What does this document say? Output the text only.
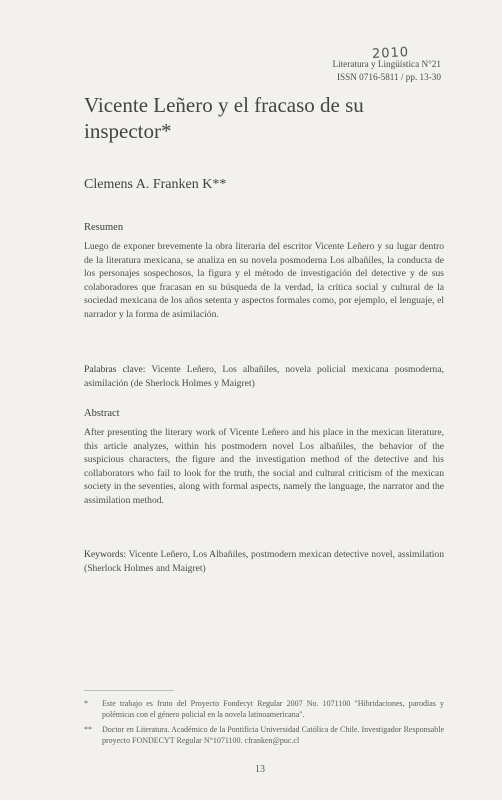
2010
Literatura y Lingüística N°21
ISSN 0716-5811 / pp. 13-30
Vicente Leñero y el fracaso de su inspector*
Clemens A. Franken K**
Resumen

Luego de exponer brevemente la obra literaria del escritor Vicente Leñero y su lugar dentro de la literatura mexicana, se analiza en su novela posmoderna Los albañiles, la conducta de los personajes sospechosos, la figura y el método de investigación del detective y de sus colaboradores que fracasan en su búsqueda de la verdad, la crítica social y cultural de la sociedad mexicana de los años setenta y aspectos formales como, por ejemplo, el lenguaje, el narrador y la forma de asimilación.

Palabras clave: Vicente Leñero, Los albañiles, novela policial mexicana posmoderna, asimilación (de Sherlock Holmes y Maigret)

Abstract

After presenting the literary work of Vicente Leñero and his place in the mexican literature, this article analyzes, within his postmodern novel Los albañiles, the behavior of the suspicious characters, the figure and the investigation method of the detective and his collaborators who fail to look for the truth, the social and cultural criticism of the mexican society in the seventies, along with formal aspects, namely the language, the narrator and the assimilation method.

Keywords: Vicente Leñero, Los Albañiles, postmodern mexican detective novel, assimilation (Sherlock Holmes and Maigret)

*	Este trabajo es fruto del Proyecto Fondecyt Regular 2007 No. 1071100 "Hibridaciones, parodias y polémicas con el género policial en la novela latinoamericana".

**	Doctor en Literatura. Académico de la Pontificia Universidad Católica de Chile. Investigador Responsable proyecto FONDECYT Regular N°1071100. cfranken@puc.cl

13
